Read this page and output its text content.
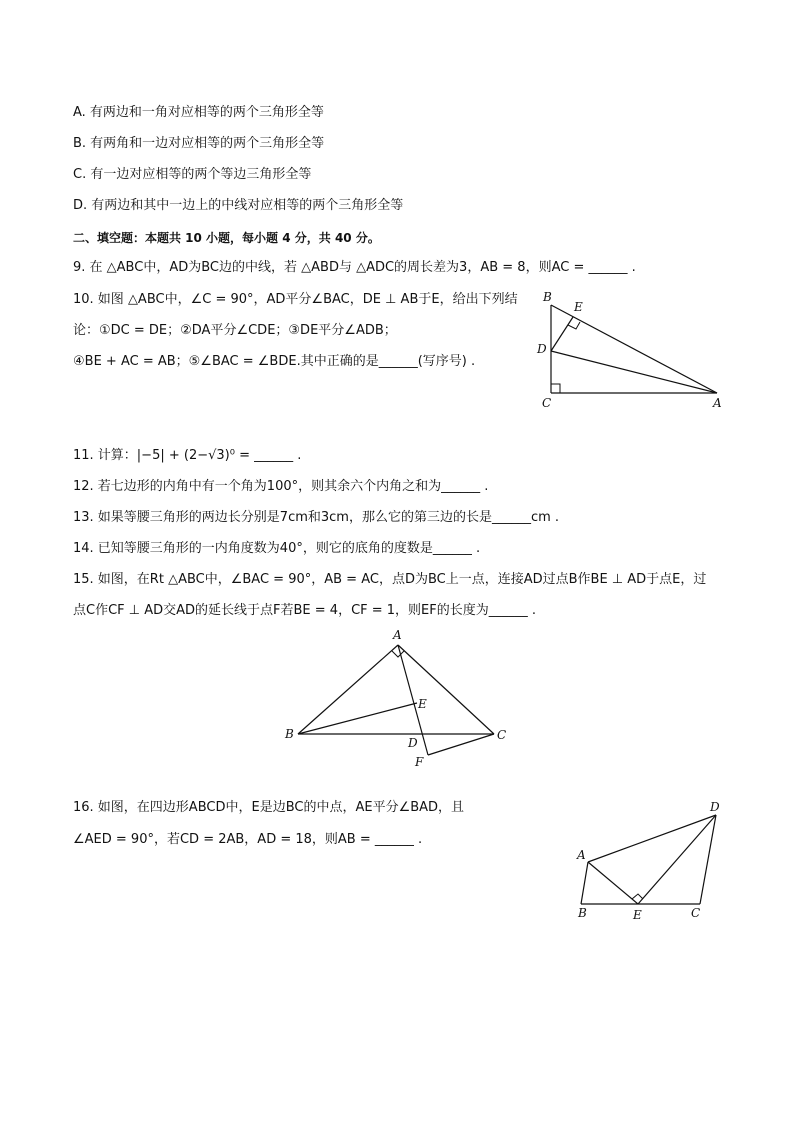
A. 有两边和一角对应相等的两个三角形全等
B. 有两角和一边对应相等的两个三角形全等
C. 有一边对应相等的两个等边三角形全等
D. 有两边和其中一边上的中线对应相等的两个三角形全等
二、填空题：本题共 10 小题，每小题 4 分，共 40 分。
9. 在 △ABC中，AD为BC边的中线，若 △ABD与 △ADC的周长差为3，AB = 8，则AC = ______ .
10. 如图 △ABC中，∠C = 90°，AD平分∠BAC，DE ⊥ AB于E，给出下列结
论：①DC = DE；②DA平分∠CDE；③DE平分∠ADB；
④BE + AC = AB；⑤∠BAC = ∠BDE.其中正确的是______(写序号) .
B
E
D
C	A
11. 计算：|−5| + (2−√3)⁰ = ______ .
12. 若七边形的内角中有一个角为100°，则其余六个内角之和为______ .
13. 如果等腰三角形的两边长分别是7cm和3cm，那么它的第三边的长是______cm .
14. 已知等腰三角形的一内角度数为40°，则它的底角的度数是______ .
15. 如图，在Rt △ABC中，∠BAC = 90°，AB = AC，点D为BC上一点，连接AD过点B作BE ⊥ AD于点E，过
点C作CF ⊥ AD交AD的延长线于点F若BE = 4，CF = 1，则EF的长度为______ .
A
E
B	C
D
F
16. 如图，在四边形ABCD中，E是边BC的中点，AE平分∠BAD，且
∠AED = 90°，若CD = 2AB，AD = 18，则AB = ______ .
D
A
B	E	C
